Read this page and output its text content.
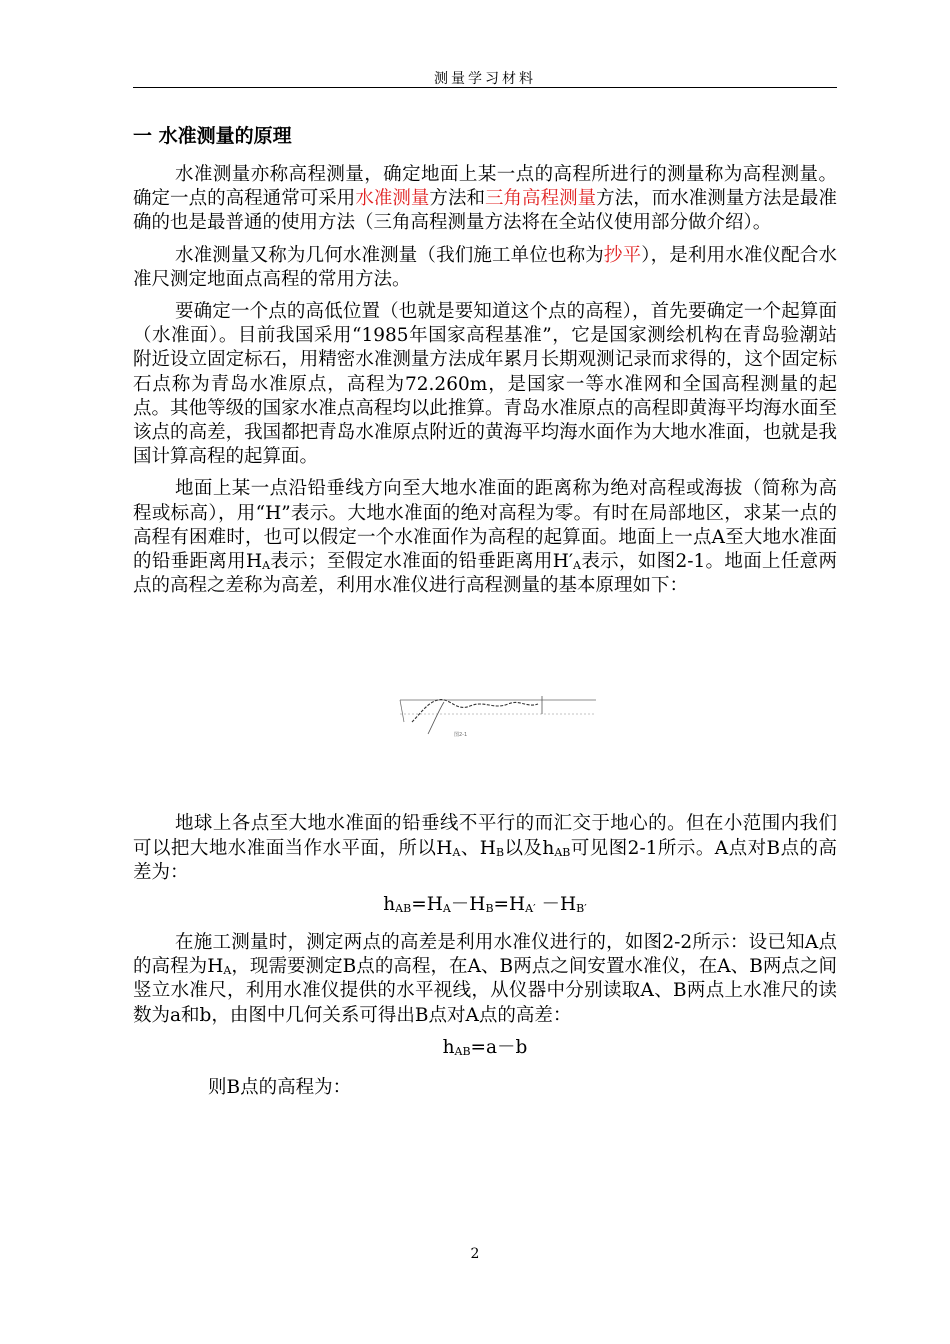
测量学习材料
一 水准测量的原理

水准测量亦称高程测量，确定地面上某一点的高程所进行的测量称为高程测量。确定一点的高程通常可采用水准测量方法和三角高程测量方法，而水准测量方法是最准确的也是最普通的使用方法（三角高程测量方法将在全站仪使用部分做介绍）。

水准测量又称为几何水准测量（我们施工单位也称为抄平），是利用水准仪配合水准尺测定地面点高程的常用方法。

要确定一个点的高低位置（也就是要知道这个点的高程），首先要确定一个起算面（水准面）。目前我国采用“1985年国家高程基准”，它是国家测绘机构在青岛验潮站附近设立固定标石，用精密水准测量方法成年累月长期观测记录而求得的，这个固定标石点称为青岛水准原点，高程为72.260m，是国家一等水准网和全国高程测量的起点。其他等级的国家水准点高程均以此推算。青岛水准原点的高程即黄海平均海水面至该点的高差，我国都把青岛水准原点附近的黄海平均海水面作为大地水准面，也就是我国计算高程的起算面。

地面上某一点沿铅垂线方向至大地水准面的距离称为绝对高程或海拔（简称为高程或标高），用“H”表示。大地水准面的绝对高程为零。有时在局部地区，求某一点的高程有困难时，也可以假定一个水准面作为高程的起算面。地面上一点A至大地水准面的铅垂距离用$H_A$表示；至假定水准面的铅垂距离用$H'_A$表示，如图2-1。地面上任意两点的高程之差称为高差，利用水准仪进行高程测量的基本原理如下：

图2-1

地球上各点至大地水准面的铅垂线不平行的而汇交于地心的。但在小范围内我们可以把大地水准面当作水平面，所以$H_A$、$H_B$以及$h_{AB}$可见图2-1所示。A点对B点的高差为：

$h_{AB}=H_A-H_B=H_{A'} -H_{B'}$

在施工测量时，测定两点的高差是利用水准仪进行的，如图2-2所示：设已知A点的高程为$H_A$，现需要测定B点的高程，在A、B两点之间安置水准仪，在A、B两点之间竖立水准尺，利用水准仪提供的水平视线，从仪器中分别读取A、B两点上水准尺的读数为a和b，由图中几何关系可得出B点对A点的高差：

$h_{AB}=a-b$
则B点的高程为：
2
